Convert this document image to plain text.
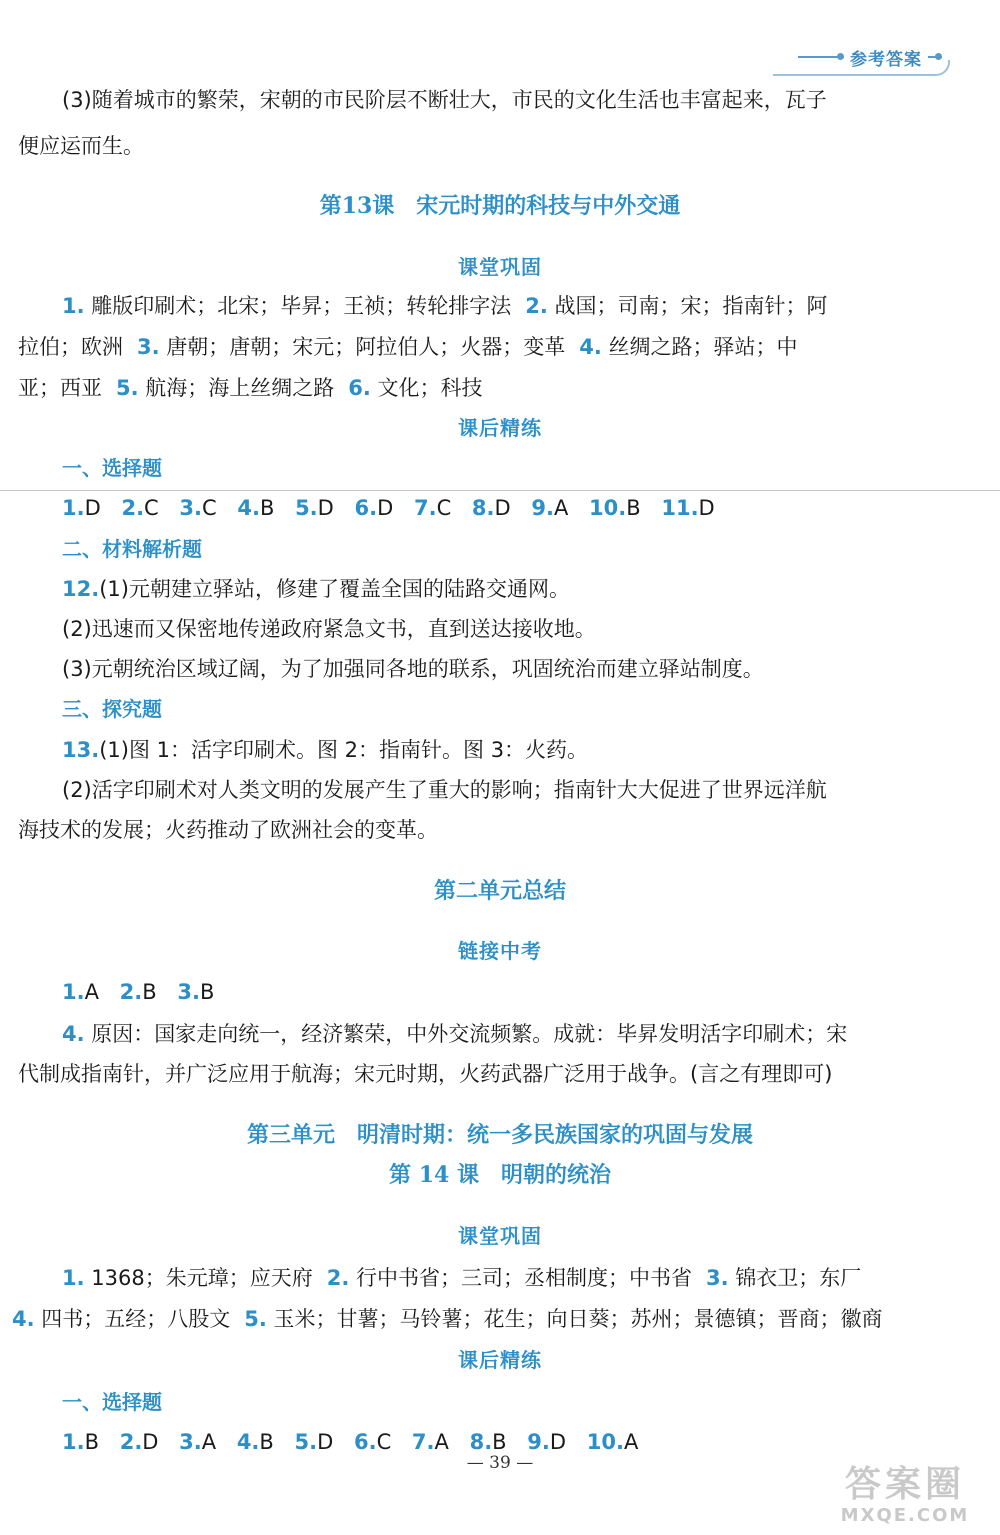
参考答案
(3)随着城市的繁荣，宋朝的市民阶层不断壮大，市民的文化生活也丰富起来，瓦子
便应运而生。
第13课　宋元时期的科技与中外交通
课堂巩固
1. 雕版印刷术；北宋；毕昇；王祯；转轮排字法 2. 战国；司南；宋；指南针；阿
拉伯；欧洲 3. 唐朝；唐朝；宋元；阿拉伯人；火器；变革 4. 丝绸之路；驿站；中
亚；西亚 5. 航海；海上丝绸之路 6. 文化；科技
课后精练
一、选择题
1.D 2.C 3.C 4.B 5.D 6.D 7.C 8.D 9.A 10.B 11.D
二、材料解析题
12.(1)元朝建立驿站，修建了覆盖全国的陆路交通网。
(2)迅速而又保密地传递政府紧急文书，直到送达接收地。
(3)元朝统治区域辽阔，为了加强同各地的联系，巩固统治而建立驿站制度。
三、探究题
13.(1)图 1：活字印刷术。图 2：指南针。图 3：火药。
(2)活字印刷术对人类文明的发展产生了重大的影响；指南针大大促进了世界远洋航
海技术的发展；火药推动了欧洲社会的变革。
第二单元总结
链接中考
1.A 2.B 3.B
4. 原因：国家走向统一，经济繁荣，中外交流频繁。成就：毕昇发明活字印刷术；宋
代制成指南针，并广泛应用于航海；宋元时期，火药武器广泛用于战争。(言之有理即可)
第三单元　明清时期：统一多民族国家的巩固与发展
第 14 课　明朝的统治
课堂巩固
1. 1368；朱元璋；应天府 2. 行中书省；三司；丞相制度；中书省 3. 锦衣卫；东厂
4. 四书；五经；八股文 5. 玉米；甘薯；马铃薯；花生；向日葵；苏州；景德镇；晋商；徽商
课后精练
一、选择题
1.B 2.D 3.A 4.B 5.D 6.C 7.A 8.B 9.D 10.A
— 39 —
答案圈
MXQE.COM
